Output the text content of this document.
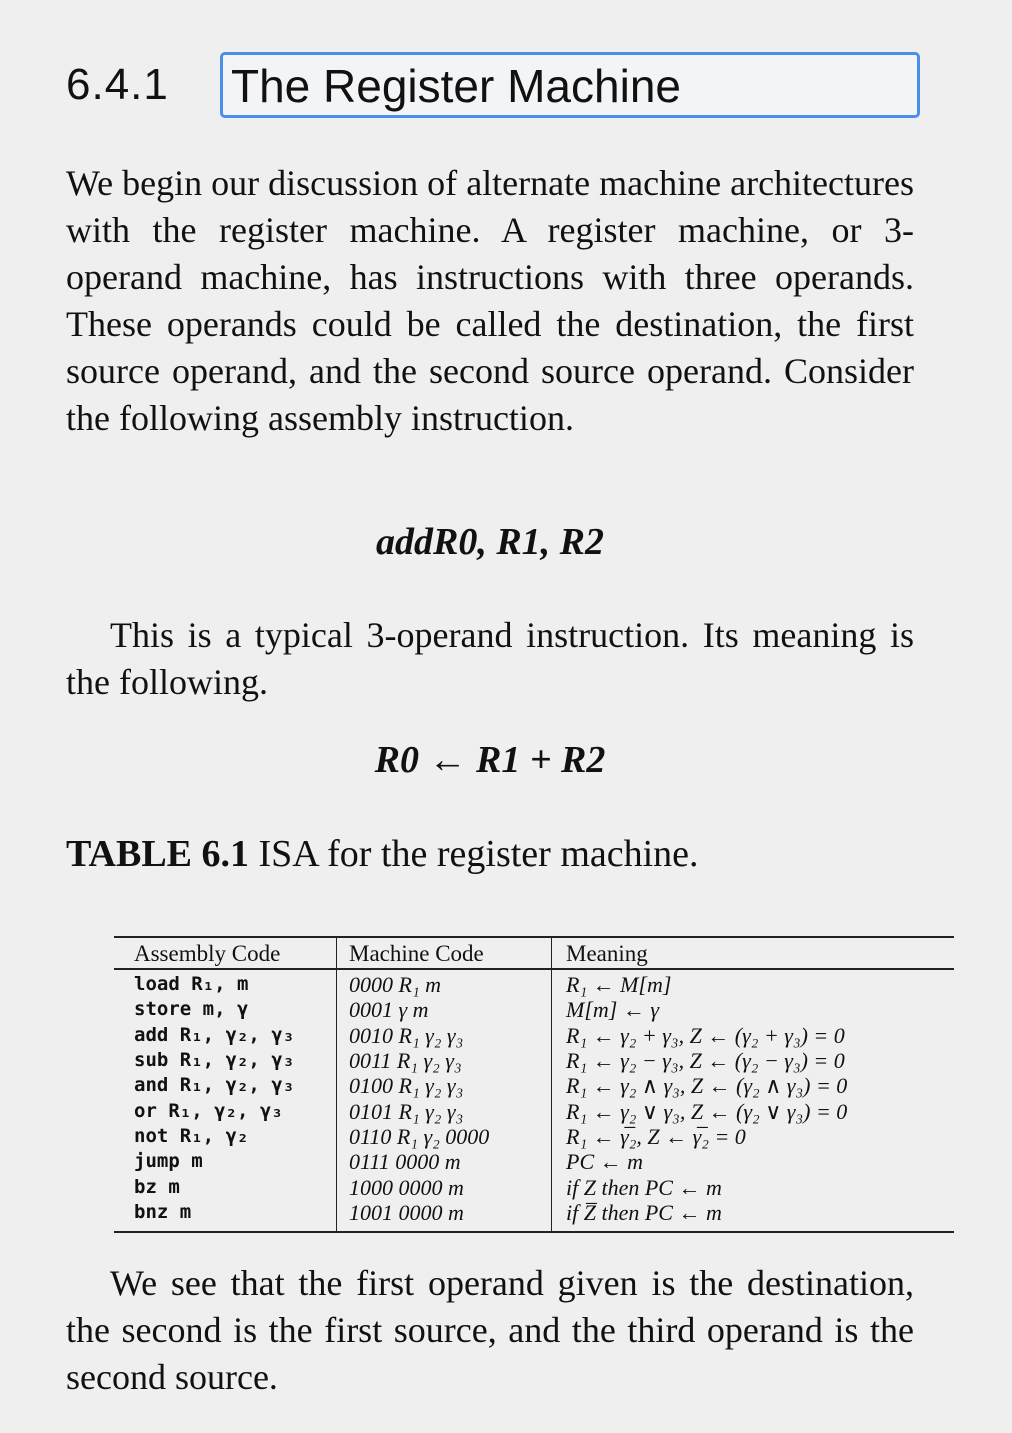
6.4.1 The Register Machine

We begin our discussion of alternate machine architectures with the register machine. A register machine, or 3-operand machine, has instructions with three operands. These operands could be called the destination, the first source operand, and the second source operand. Consider the following assembly instruction.

addR0, R1, R2

This is a typical 3-operand instruction. Its meaning is the following.

R0 ← R1 + R2
TABLE 6.1 ISA for the register machine.
Assembly Code	Machine Code	Meaning
load R₁, m	0000 R₁ m	R₁ ← M[m]
store m, γ	0001 γ m	M[m] ← γ
add R₁, γ₂, γ₃	0010 R₁ γ₂ γ₃	R₁ ← γ₂ + γ₃, Z ← (γ₂ + γ₃) = 0
sub R₁, γ₂, γ₃	0011 R₁ γ₂ γ₃	R₁ ← γ₂ − γ₃, Z ← (γ₂ − γ₃) = 0
and R₁, γ₂, γ₃	0100 R₁ γ₂ γ₃	R₁ ← γ₂ ∧ γ₃, Z ← (γ₂ ∧ γ₃) = 0
or R₁, γ₂, γ₃	0101 R₁ γ₂ γ₃	R₁ ← γ₂ ∨ γ₃, Z ← (γ₂ ∨ γ₃) = 0
not R₁, γ₂	0110 R₁ γ₂ 0000	R₁ ← γ̅₂, Z ← γ̅₂ = 0
jump m	0111 0000 m	PC ← m
bz m	1000 0000 m	if Z then PC ← m
bnz m	1001 0000 m	if Z̅ then PC ← m

We see that the first operand given is the destination, the second is the first source, and the third operand is the second source.
